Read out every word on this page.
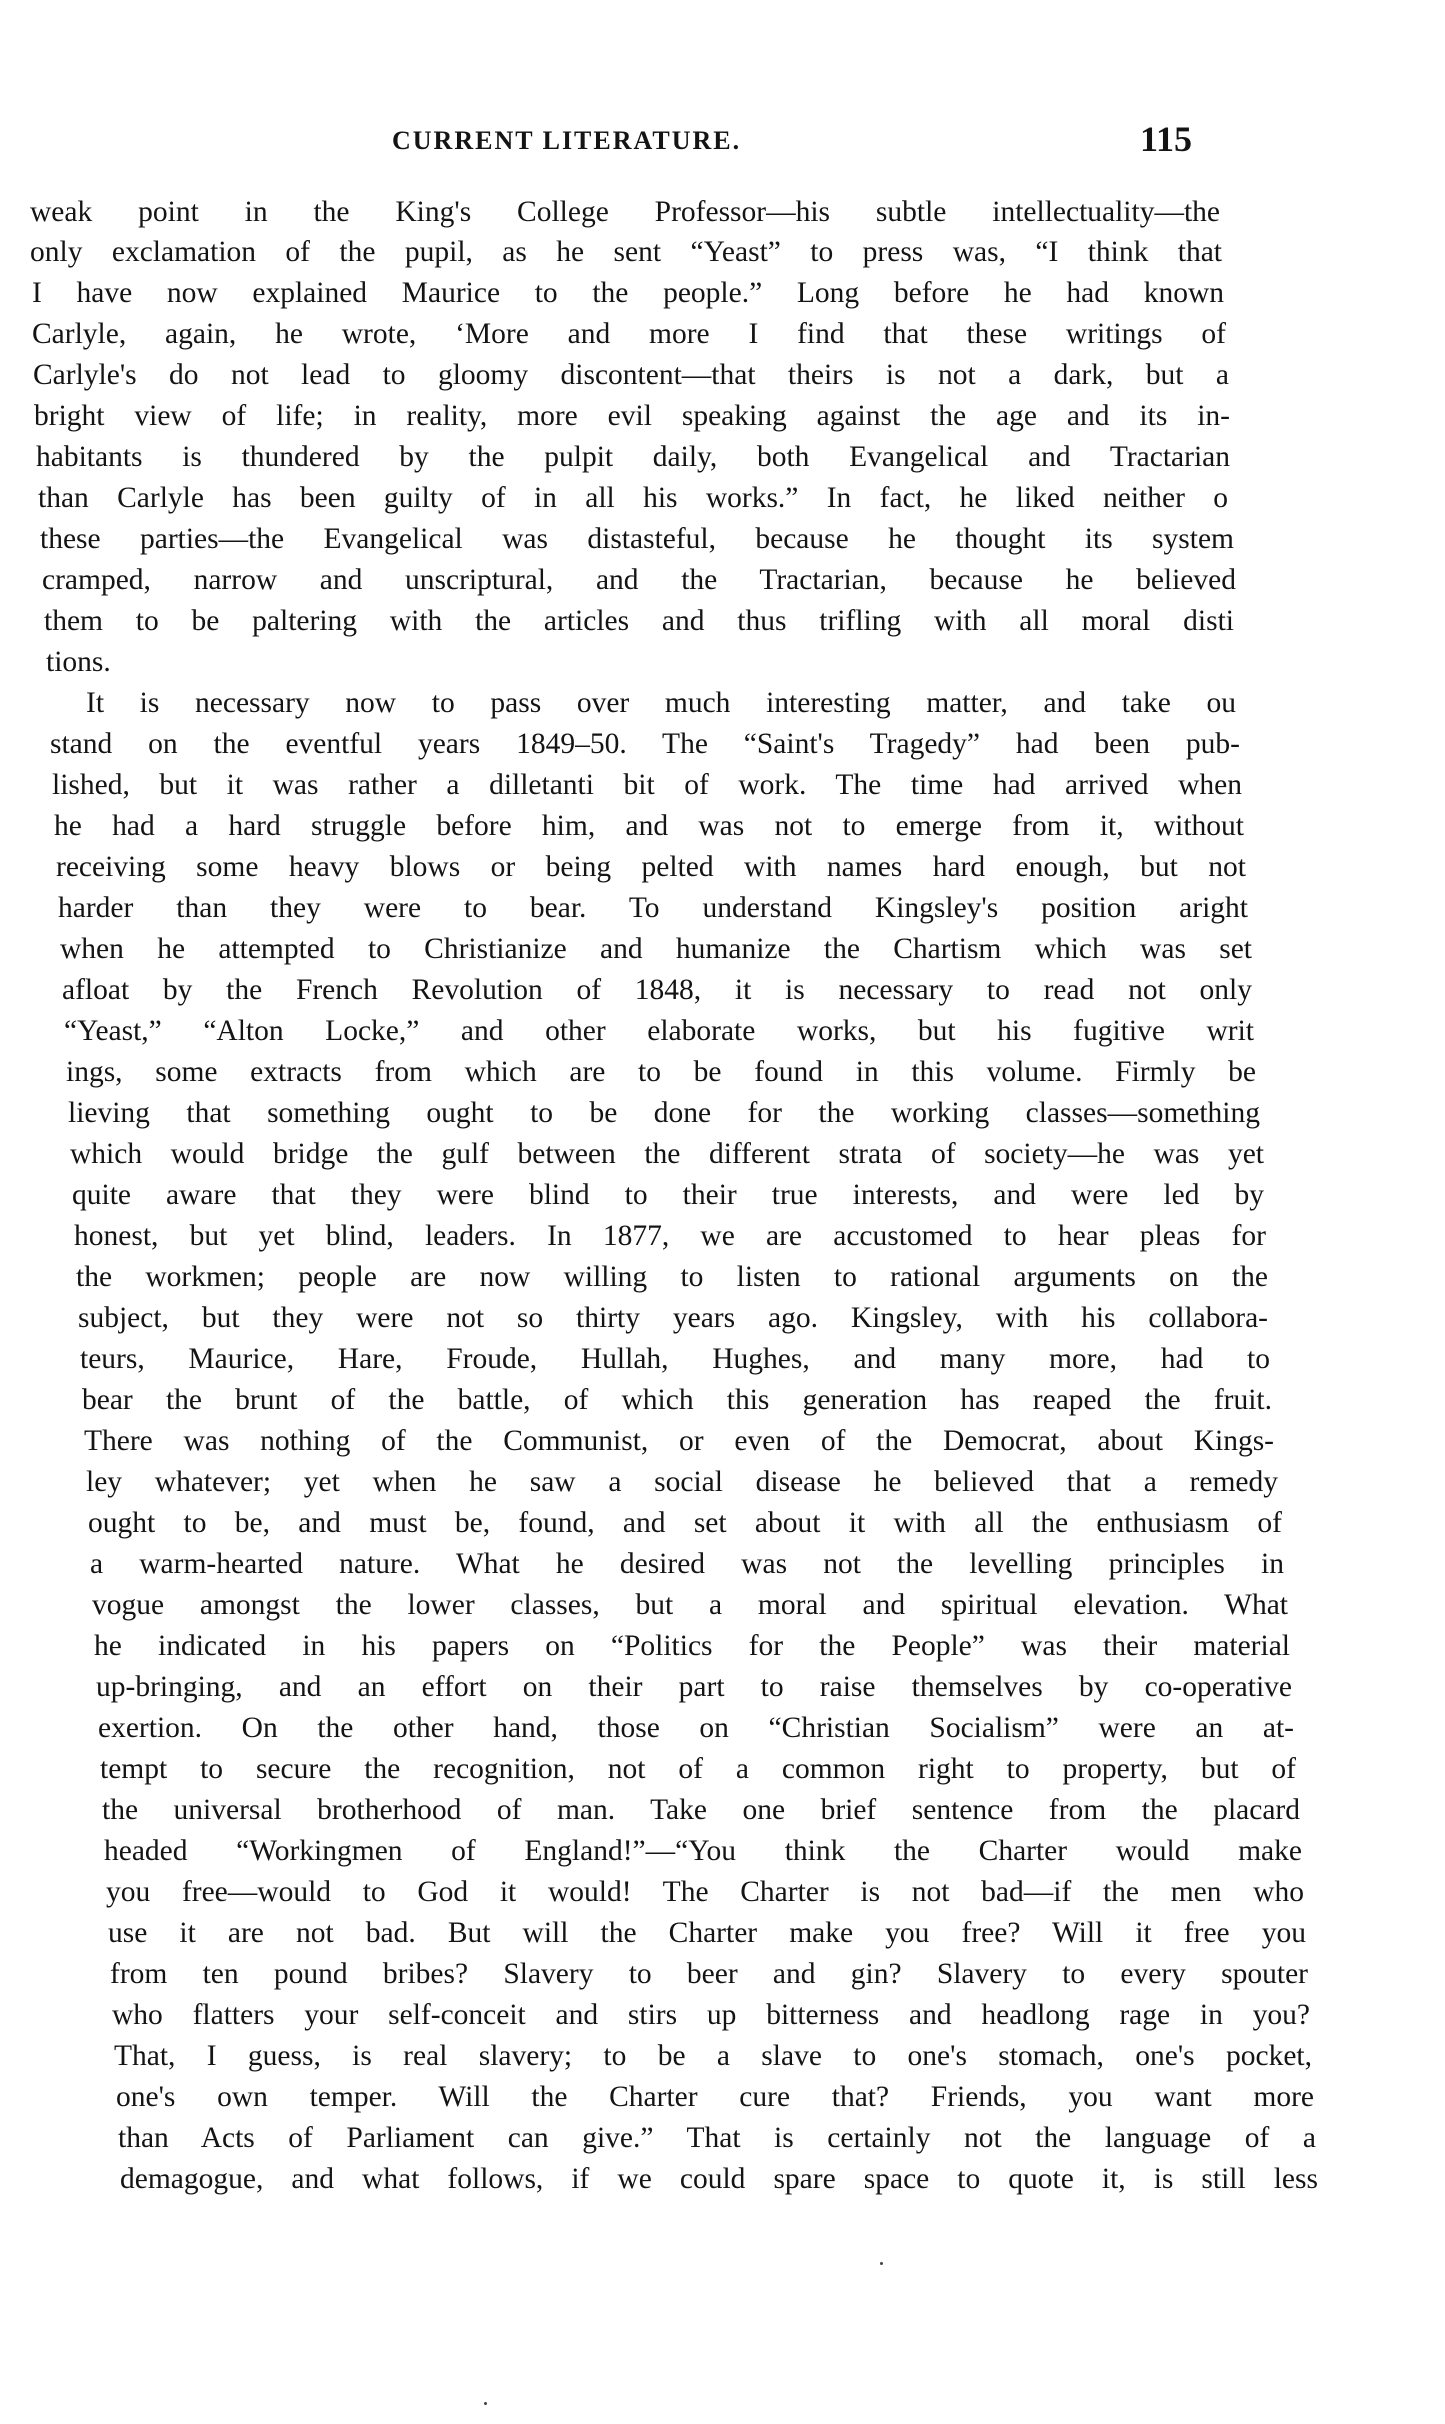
CURRENT LITERATURE.	115
weak point in the King's College Professor—his subtle intellectuality—the
only exclamation of the pupil, as he sent “Yeast” to press was, “I think that
I have now explained Maurice to the people.” Long before he had known
Carlyle, again, he wrote, ‘More and more I find that these writings of
Carlyle's do not lead to gloomy discontent—that theirs is not a dark, but a
bright view of life; in reality, more evil speaking against the age and its in-
habitants is thundered by the pulpit daily, both Evangelical and Tractarian
than Carlyle has been guilty of in all his works.” In fact, he liked neither o
these parties—the Evangelical was distasteful, because he thought its system
cramped, narrow and unscriptural, and the Tractarian, because he believed
them to be paltering with the articles and thus trifling with all moral disti
tions.
It is necessary now to pass over much interesting matter, and take ou
stand on the eventful years 1849–50. The “Saint's Tragedy” had been pub-
lished, but it was rather a dilletanti bit of work. The time had arrived when
he had a hard struggle before him, and was not to emerge from it, without
receiving some heavy blows or being pelted with names hard enough, but not
harder than they were to bear. To understand Kingsley's position aright
when he attempted to Christianize and humanize the Chartism which was set
afloat by the French Revolution of 1848, it is necessary to read not only
“Yeast,” “Alton Locke,” and other elaborate works, but his fugitive writ
ings, some extracts from which are to be found in this volume. Firmly be
lieving that something ought to be done for the working classes—something
which would bridge the gulf between the different strata of society—he was yet
quite aware that they were blind to their true interests, and were led by
honest, but yet blind, leaders. In 1877, we are accustomed to hear pleas for
the workmen; people are now willing to listen to rational arguments on the
subject, but they were not so thirty years ago. Kingsley, with his collabora-
teurs, Maurice, Hare, Froude, Hullah, Hughes, and many more, had to
bear the brunt of the battle, of which this generation has reaped the fruit.
There was nothing of the Communist, or even of the Democrat, about Kings-
ley whatever; yet when he saw a social disease he believed that a remedy
ought to be, and must be, found, and set about it with all the enthusiasm of
a warm-hearted nature. What he desired was not the levelling principles in
vogue amongst the lower classes, but a moral and spiritual elevation. What
he indicated in his papers on “Politics for the People” was their material
up-bringing, and an effort on their part to raise themselves by co-operative
exertion. On the other hand, those on “Christian Socialism” were an at-
tempt to secure the recognition, not of a common right to property, but of
the universal brotherhood of man. Take one brief sentence from the placard
headed “Workingmen of England!”—“You think the Charter would make
you free—would to God it would! The Charter is not bad—if the men who
use it are not bad. But will the Charter make you free? Will it free you
from ten pound bribes? Slavery to beer and gin? Slavery to every spouter
who flatters your self-conceit and stirs up bitterness and headlong rage in you?
That, I guess, is real slavery; to be a slave to one's stomach, one's pocket,
one's own temper. Will the Charter cure that? Friends, you want more
than Acts of Parliament can give.” That is certainly not the language of a
demagogue, and what follows, if we could spare space to quote it, is still less
